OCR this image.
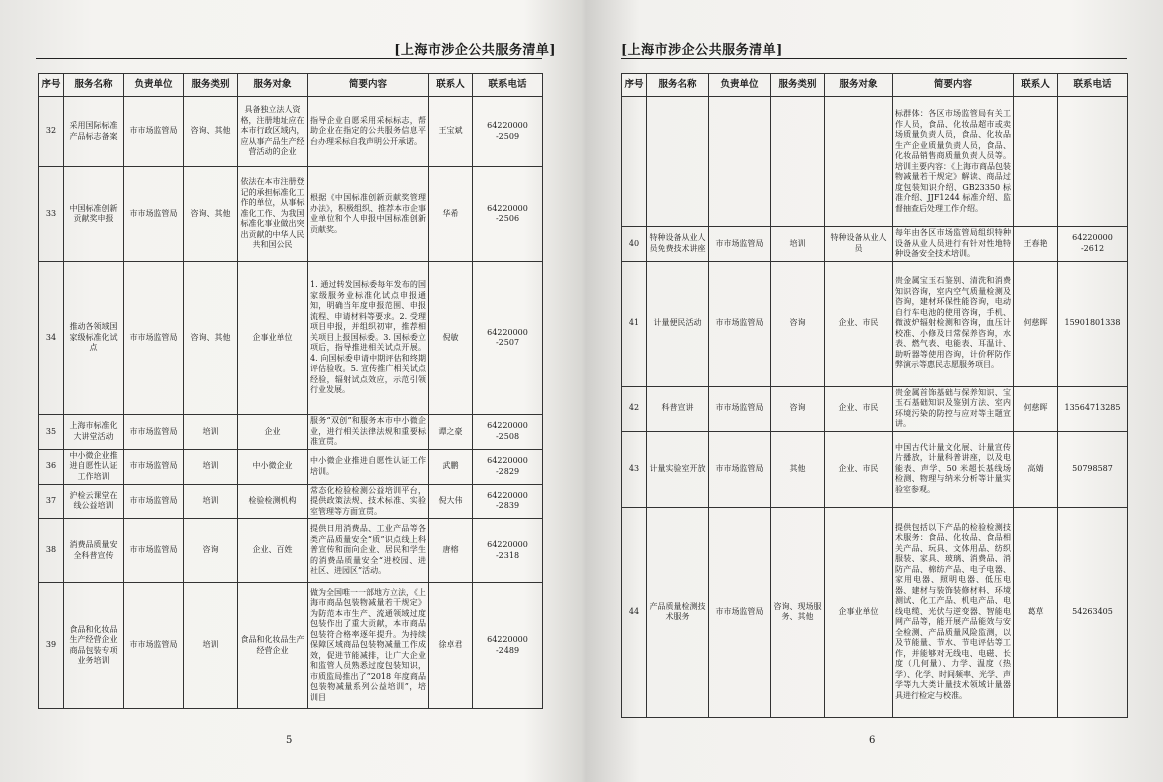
[上海市涉企公共服务清单]
序号	服务名称	负责单位	服务类别	服务对象	简要内容	联系人	联系电话
32	采用国际标准产品标志备案	市市场监管局	咨询、其他	具备独立法人资格，注册地址应在本市行政区域内，应从事产品生产经营活动的企业	指导企业自愿采用采标标志，帮助企业在指定的公共服务信息平台办理采标自我声明公开承诺。	王宝斌	64220000
-2509
33	中国标准创新贡献奖申报	市市场监管局	咨询、其他	依法在本市注册登记的承担标准化工作的单位，从事标准化工作、为我国标准化事业做出突出贡献的中华人民共和国公民	根据《中国标准创新贡献奖管理办法》，积极组织、推荐本市企事业单位和个人申报中国标准创新贡献奖。	华希	64220000
-2506
34	推动各领域国家级标准化试点	市市场监管局	咨询、其他	企事业单位	1. 通过转发国标委每年发布的国家级服务业标准化试点申报通知，明确当年度申报范围、申报流程、申请材料等要求。2. 受理项目申报，并组织初审，推荐相关项目上报国标委。3. 国标委立项后，指导推进相关试点开展。4. 向国标委申请中期评估和终期评估验收。5. 宣传推广相关试点经验，辐射试点效应，示范引领行业发展。	倪敏	64220000
-2507
35	上海市标准化大讲堂活动	市市场监管局	培训	企业	服务“双创”和服务本市中小微企业，进行相关法律法规和重要标准宣贯。	谭之豪	64220000
-2508
36	中小微企业推进自愿性认证工作培训	市市场监管局	培训	中小微企业	中小微企业推进自愿性认证工作培训。	武鹏	64220000
-2829
37	沪检云课堂在线公益培训	市市场监管局	培训	检验检测机构	常态化检验检测公益培训平台，提供政策法规、技术标准、实验室管理等方面宣贯。	倪大伟	64220000
-2839
38	消费品质量安全科普宣传	市市场监管局	咨询	企业、百姓	提供日用消费品、工业产品等各类产品质量安全“质”识点线上科普宣传和面向企业、居民和学生的消费品质量安全“进校园、进社区、进园区”活动。	唐榕	64220000
-2318
39	食品和化妆品生产经营企业商品包装专项业务培训	市市场监管局	培训	食品和化妆品生产经营企业	做为全国唯一一部地方立法，《上海市商品包装物减量若干规定》为防范本市生产、流通领域过度包装作出了重大贡献，本市商品包装符合格率逐年提升。为持续保障区域商品包装物减量工作成效，促进节能减排，让广大企业和监管人员熟悉过度包装知识，市质监局推出了“2018 年度商品包装物减量系列公益培训”，培训目	徐卓君	64220000
-2489
5
[上海市涉企公共服务清单]
序号	服务名称	负责单位	服务类别	服务对象	简要内容	联系人	联系电话
					标群体：各区市场监管局有关工作人员，食品、化妆品超市或卖场质量负责人员，食品、化妆品生产企业质量负责人员，食品、化妆品销售商质量负责人员等。培训主要内容：《上海市商品包装物减量若干规定》解读、商品过度包装知识介绍、GB23350 标准介绍、JJF1244 标准介绍、监督抽查后处理工作介绍。		
40	特种设备从业人员免费技术讲座	市市场监管局	培训	特种设备从业人员	每年由各区市场监管局组织特种设备从业人员进行有针对性地特种设备安全技术培训。	王春艳	64220000
-2612
41	计量便民活动	市市场监管局	咨询	企业、市民	贵金属宝玉石鉴别、清洗和消费知识咨询，室内空气质量检测及咨询，建材环保性能咨询，电动自行车电池的使用咨询，手机、微波炉辐射检测和咨询，血压计校准、小修及日常保养咨询，水表、燃气表、电能表、耳温计、助听器等使用咨询，计价秤防作弊演示等惠民志愿服务项目。	何慈晖	15901801338
42	科普宣讲	市市场监管局	咨询	企业、市民	贵金属首饰基础与保养知识、宝玉石基础知识及鉴别方法、室内环境污染的防控与应对等主题宣讲。	何慈晖	13564713285
43	计量实验室开放	市市场监管局	其他	企业、市民	中国古代计量文化展、计量宣传片播放，计量科普讲座，以及电能表、声学、50 米超长基线场检测、物理与纳米分析等计量实验室参观。	高婧	50798587
44	产品质量检测技术服务	市市场监管局	咨询、现场服务、其他	企事业单位	提供包括以下产品的检验检测技术服务：食品、化妆品、食品相关产品、玩具、文体用品、纺织服装、家具、玻璃、消费品、消防产品、棉纺产品、电子电器、家用电器、照明电器、低压电器、建材与装饰装修材料、环境测试、化工产品、机电产品、电线电缆、光伏与逆变器、智能电网产品等，能开展产品能效与安全检测、产品质量风险监测，以及节能量、节水、节电评估等工作，并能够对无线电、电磁、长度（几何量）、力学、温度（热学）、化学、时间频率、光学、声学等九大类计量技术领域计量器具进行检定与校准。	葛草	54263405
6
